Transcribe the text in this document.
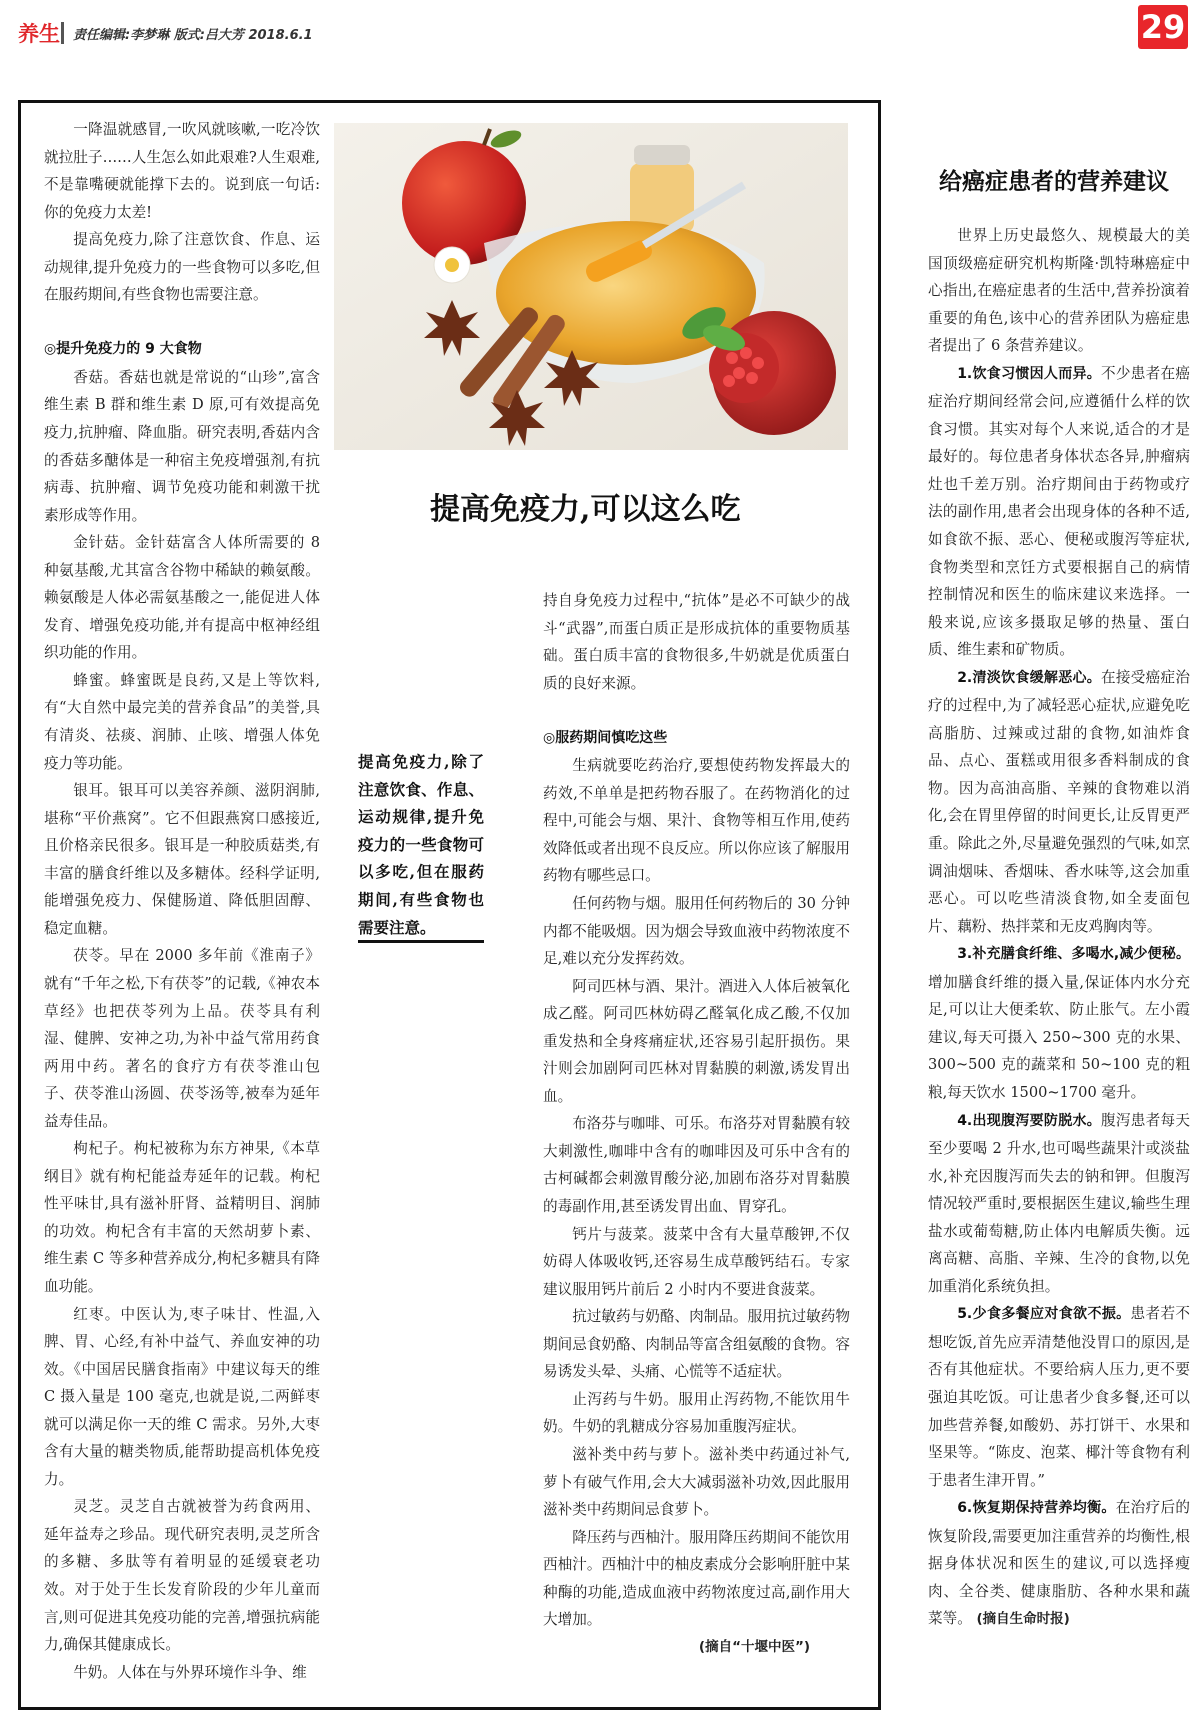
养生 责任编辑:李梦琳 版式:吕大芳 2018.6.1	29

一降温就感冒,一吹风就咳嗽,一吃冷饮就拉肚子……人生怎么如此艰难?人生艰难,不是靠嘴硬就能撑下去的。说到底一句话:你的免疫力太差!

提高免疫力,除了注意饮食、作息、运动规律,提升免疫力的一些食物可以多吃,但在服药期间,有些食物也需要注意。

◎提升免疫力的 9 大食物

香菇。香菇也就是常说的“山珍”,富含维生素 B 群和维生素 D 原,可有效提高免疫力,抗肿瘤、降血脂。研究表明,香菇内含的香菇多醣体是一种宿主免疫增强剂,有抗病毒、抗肿瘤、调节免疫功能和刺激干扰素形成等作用。

金针菇。金针菇富含人体所需要的 8 种氨基酸,尤其富含谷物中稀缺的赖氨酸。赖氨酸是人体必需氨基酸之一,能促进人体发育、增强免疫功能,并有提高中枢神经组织功能的作用。

蜂蜜。蜂蜜既是良药,又是上等饮料,有“大自然中最完美的营养食品”的美誉,具有清炎、祛痰、润肺、止咳、增强人体免疫力等功能。

银耳。银耳可以美容养颜、滋阴润肺,堪称“平价燕窝”。它不但跟燕窝口感接近,且价格亲民很多。银耳是一种胶质菇类,有丰富的膳食纤维以及多糖体。经科学证明,能增强免疫力、保健肠道、降低胆固醇、稳定血糖。

茯苓。早在 2000 多年前《淮南子》就有“千年之松,下有茯苓”的记载,《神农本草经》也把茯苓列为上品。茯苓具有利湿、健脾、安神之功,为补中益气常用药食两用中药。著名的食疗方有茯苓淮山包子、茯苓淮山汤圆、茯苓汤等,被奉为延年益寿佳品。

枸杞子。枸杞被称为东方神果,《本草纲目》就有枸杞能益寿延年的记载。枸杞性平味甘,具有滋补肝肾、益精明目、润肺的功效。枸杞含有丰富的天然胡萝卜素、维生素 C 等多种营养成分,枸杞多糖具有降血功能。

红枣。中医认为,枣子味甘、性温,入脾、胃、心经,有补中益气、养血安神的功效。《中国居民膳食指南》中建议每天的维 C 摄入量是 100 毫克,也就是说,二两鲜枣就可以满足你一天的维 C 需求。另外,大枣含有大量的糖类物质,能帮助提高机体免疫力。

灵芝。灵芝自古就被誉为药食两用、延年益寿之珍品。现代研究表明,灵芝所含的多糖、多肽等有着明显的延缓衰老功效。对于处于生长发育阶段的少年儿童而言,则可促进其免疫功能的完善,增强抗病能力,确保其健康成长。

牛奶。人体在与外界环境作斗争、维

提高免疫力,可以这么吃
提高免疫力,除了注意饮食、作息、运动规律,提升免疫力的一些食物可以多吃,但在服药期间,有些食物也需要注意。

持自身免疫力过程中,“抗体”是必不可缺少的战斗“武器”,而蛋白质正是形成抗体的重要物质基础。蛋白质丰富的食物很多,牛奶就是优质蛋白质的良好来源。

◎服药期间慎吃这些

生病就要吃药治疗,要想使药物发挥最大的药效,不单单是把药物吞服了。在药物消化的过程中,可能会与烟、果汁、食物等相互作用,使药效降低或者出现不良反应。所以你应该了解服用药物有哪些忌口。

任何药物与烟。服用任何药物后的 30 分钟内都不能吸烟。因为烟会导致血液中药物浓度不足,难以充分发挥药效。

阿司匹林与酒、果汁。酒进入人体后被氧化成乙醛。阿司匹林妨碍乙醛氧化成乙酸,不仅加重发热和全身疼痛症状,还容易引起肝损伤。果汁则会加剧阿司匹林对胃黏膜的刺激,诱发胃出血。

布洛芬与咖啡、可乐。布洛芬对胃黏膜有较大刺激性,咖啡中含有的咖啡因及可乐中含有的古柯碱都会刺激胃酸分泌,加剧布洛芬对胃黏膜的毒副作用,甚至诱发胃出血、胃穿孔。

钙片与菠菜。菠菜中含有大量草酸钾,不仅妨碍人体吸收钙,还容易生成草酸钙结石。专家建议服用钙片前后 2 小时内不要进食菠菜。

抗过敏药与奶酪、肉制品。服用抗过敏药物期间忌食奶酪、肉制品等富含组氨酸的食物。容易诱发头晕、头痛、心慌等不适症状。

止泻药与牛奶。服用止泻药物,不能饮用牛奶。牛奶的乳糖成分容易加重腹泻症状。

滋补类中药与萝卜。滋补类中药通过补气,萝卜有破气作用,会大大减弱滋补功效,因此服用滋补类中药期间忌食萝卜。

降压药与西柚汁。服用降压药期间不能饮用西柚汁。西柚汁中的柚皮素成分会影响肝脏中某种酶的功能,造成血液中药物浓度过高,副作用大大增加。

(摘自“十堰中医”)
给癌症患者的营养建议

世界上历史最悠久、规模最大的美国顶级癌症研究机构斯隆·凯特琳癌症中心指出,在癌症患者的生活中,营养扮演着重要的角色,该中心的营养团队为癌症患者提出了 6 条营养建议。

1.饮食习惯因人而异。不少患者在癌症治疗期间经常会问,应遵循什么样的饮食习惯。其实对每个人来说,适合的才是最好的。每位患者身体状态各异,肿瘤病灶也千差万别。治疗期间由于药物或疗法的副作用,患者会出现身体的各种不适,如食欲不振、恶心、便秘或腹泻等症状,食物类型和烹饪方式要根据自己的病情控制情况和医生的临床建议来选择。一般来说,应该多摄取足够的热量、蛋白质、维生素和矿物质。

2.清淡饮食缓解恶心。在接受癌症治疗的过程中,为了减轻恶心症状,应避免吃高脂肪、过辣或过甜的食物,如油炸食品、点心、蛋糕或用很多香料制成的食物。因为高油高脂、辛辣的食物难以消化,会在胃里停留的时间更长,让反胃更严重。除此之外,尽量避免强烈的气味,如烹调油烟味、香烟味、香水味等,这会加重恶心。可以吃些清淡食物,如全麦面包片、藕粉、热拌菜和无皮鸡胸肉等。

3.补充膳食纤维、多喝水,减少便秘。增加膳食纤维的摄入量,保证体内水分充足,可以让大便柔软、防止胀气。左小霞建议,每天可摄入 250~300 克的水果、300~500 克的蔬菜和 50~100 克的粗粮,每天饮水 1500~1700 毫升。

4.出现腹泻要防脱水。腹泻患者每天至少要喝 2 升水,也可喝些蔬果汁或淡盐水,补充因腹泻而失去的钠和钾。但腹泻情况较严重时,要根据医生建议,输些生理盐水或葡萄糖,防止体内电解质失衡。远离高糖、高脂、辛辣、生冷的食物,以免加重消化系统负担。

5.少食多餐应对食欲不振。患者若不想吃饭,首先应弄清楚他没胃口的原因,是否有其他症状。不要给病人压力,更不要强迫其吃饭。可让患者少食多餐,还可以加些营养餐,如酸奶、苏打饼干、水果和坚果等。“陈皮、泡菜、椰汁等食物有利于患者生津开胃。”

6.恢复期保持营养均衡。在治疗后的恢复阶段,需要更加注重营养的均衡性,根据身体状况和医生的建议,可以选择瘦肉、全谷类、健康脂肪、各种水果和蔬菜等。 (摘自生命时报)
